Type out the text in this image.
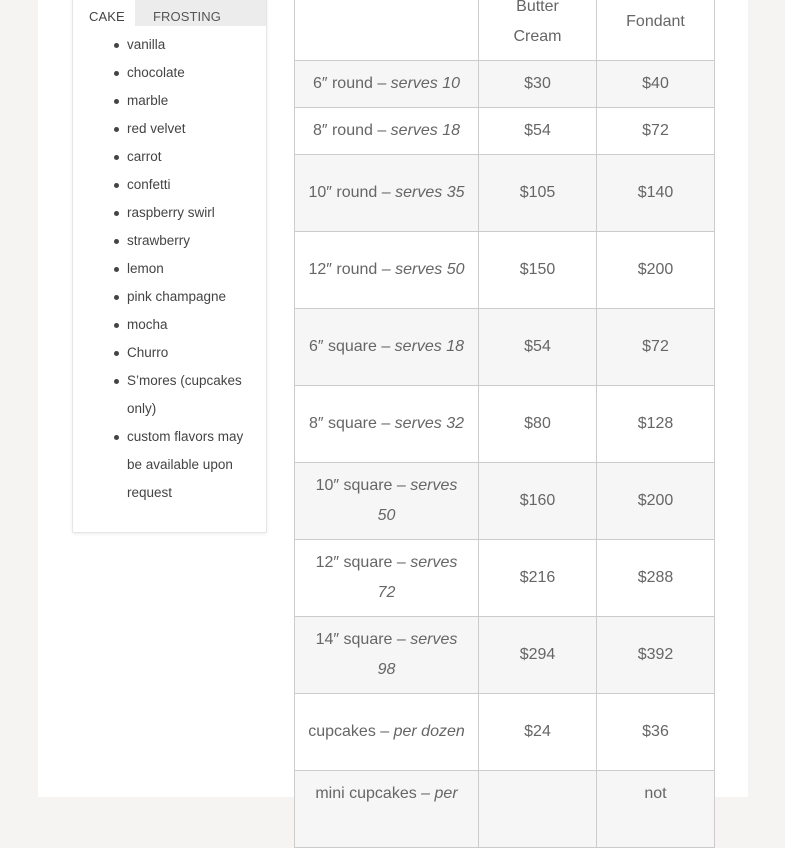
CAKE	FROSTING
vanilla
chocolate
marble
red velvet
carrot
confetti
raspberry swirl
strawberry
lemon
pink champagne
mocha
Churro
S’mores (cupcakes only)
custom flavors may be available upon request
	Butter Cream	Fondant
6″ round – serves 10	$30	$40
8″ round – serves 18	$54	$72
10″ round – serves 35	$105	$140
12″ round – serves 50	$150	$200
6″ square – serves 18	$54	$72
8″ square – serves 32	$80	$128
10″ square – serves 50	$160	$200
12″ square – serves 72	$216	$288
14″ square – serves 98	$294	$392
cupcakes – per dozen	$24	$36
mini cupcakes – per		not
